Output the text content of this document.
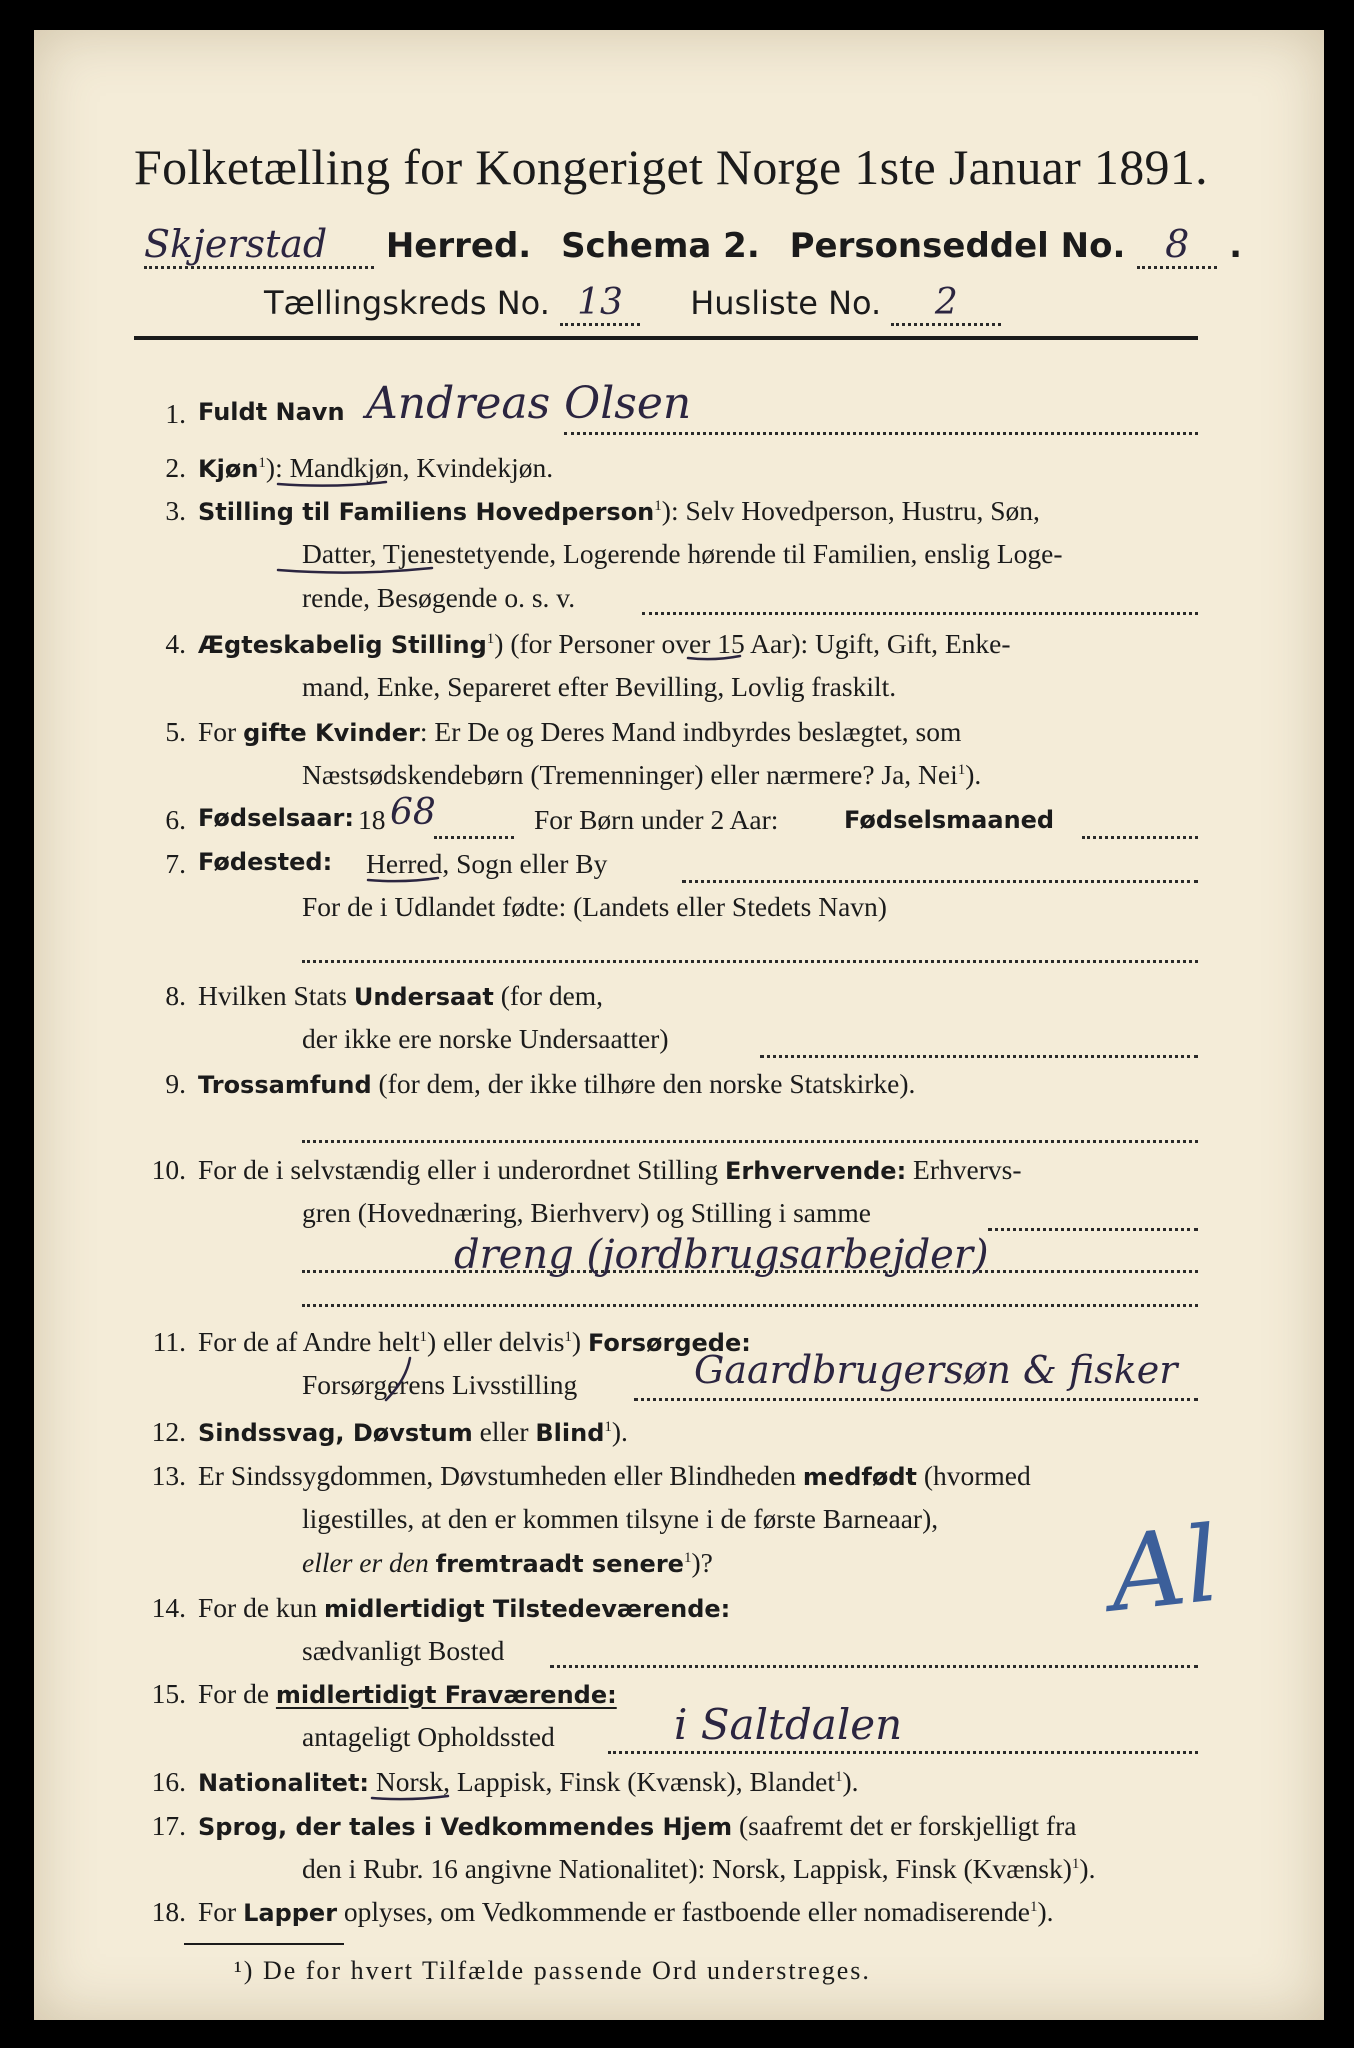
Folketælling for Kongeriget Norge 1ste Januar 1891.
Skjerstad Herred. Schema 2. Personseddel No. 8 .
Tællingskreds No. 13 Husliste No. 2
1. Fuldt Navn Andreas Olsen
2. Kjøn$^1$): Mandkjøn, Kvindekjøn.
3. Stilling til Familiens Hovedperson$^1$): Selv Hovedperson, Hustru, Søn,
Datter, Tjenestetyende, Logerende hørende til Familien, enslig Loge-
rende, Besøgende o. s. v.
4. Ægteskabelig Stilling$^1$) (for Personer over 15 Aar): Ugift, Gift, Enke-
mand, Enke, Separeret efter Bevilling, Lovlig fraskilt.
5. For gifte Kvinder: Er De og Deres Mand indbyrdes beslægtet, som
Næstsødskendebørn (Tremenninger) eller nærmere? Ja, Nei$^1$).
6. Fødselsaar: 18 68	For Børn under 2 Aar:	Fødselsmaaned
7. Fødested: Herred, Sogn eller By
For de i Udlandet fødte: (Landets eller Stedets Navn)
8. Hvilken Stats Undersaat (for dem,
der ikke ere norske Undersaatter)
9. Trossamfund (for dem, der ikke tilhøre den norske Statskirke).
10. For de i selvstændig eller i underordnet Stilling Erhvervende: Erhvervs-
gren (Hovednæring, Bierhverv) og Stilling i samme
dreng (jordbrugsarbejder)
11. For de af Andre helt$^1$) eller delvis$^1$) Forsørgede:
Forsørgerens Livsstilling	Gaardbrugersøn & fisker
12. Sindssvag, Døvstum eller Blind$^1$).
13. Er Sindssygdommen, Døvstumheden eller Blindheden medfødt (hvormed
ligestilles, at den er kommen tilsyne i de første Barneaar),
eller er den fremtraadt senere$^1$)?
14. For de kun midlertidigt Tilstedeværende:
sædvanligt Bosted
15. For de midlertidigt Fraværende:
antageligt Opholdssted	i Saltdalen
16. Nationalitet: Norsk, Lappisk, Finsk (Kvænsk), Blandet$^1$).
17. Sprog, der tales i Vedkommendes Hjem (saafremt det er forskjelligt fra
den i Rubr. 16 angivne Nationalitet): Norsk, Lappisk, Finsk (Kvænsk)$^1$).
18. For Lapper oplyses, om Vedkommende er fastboende eller nomadiserende$^1$).
¹) De for hvert Tilfælde passende Ord understreges.
Al
